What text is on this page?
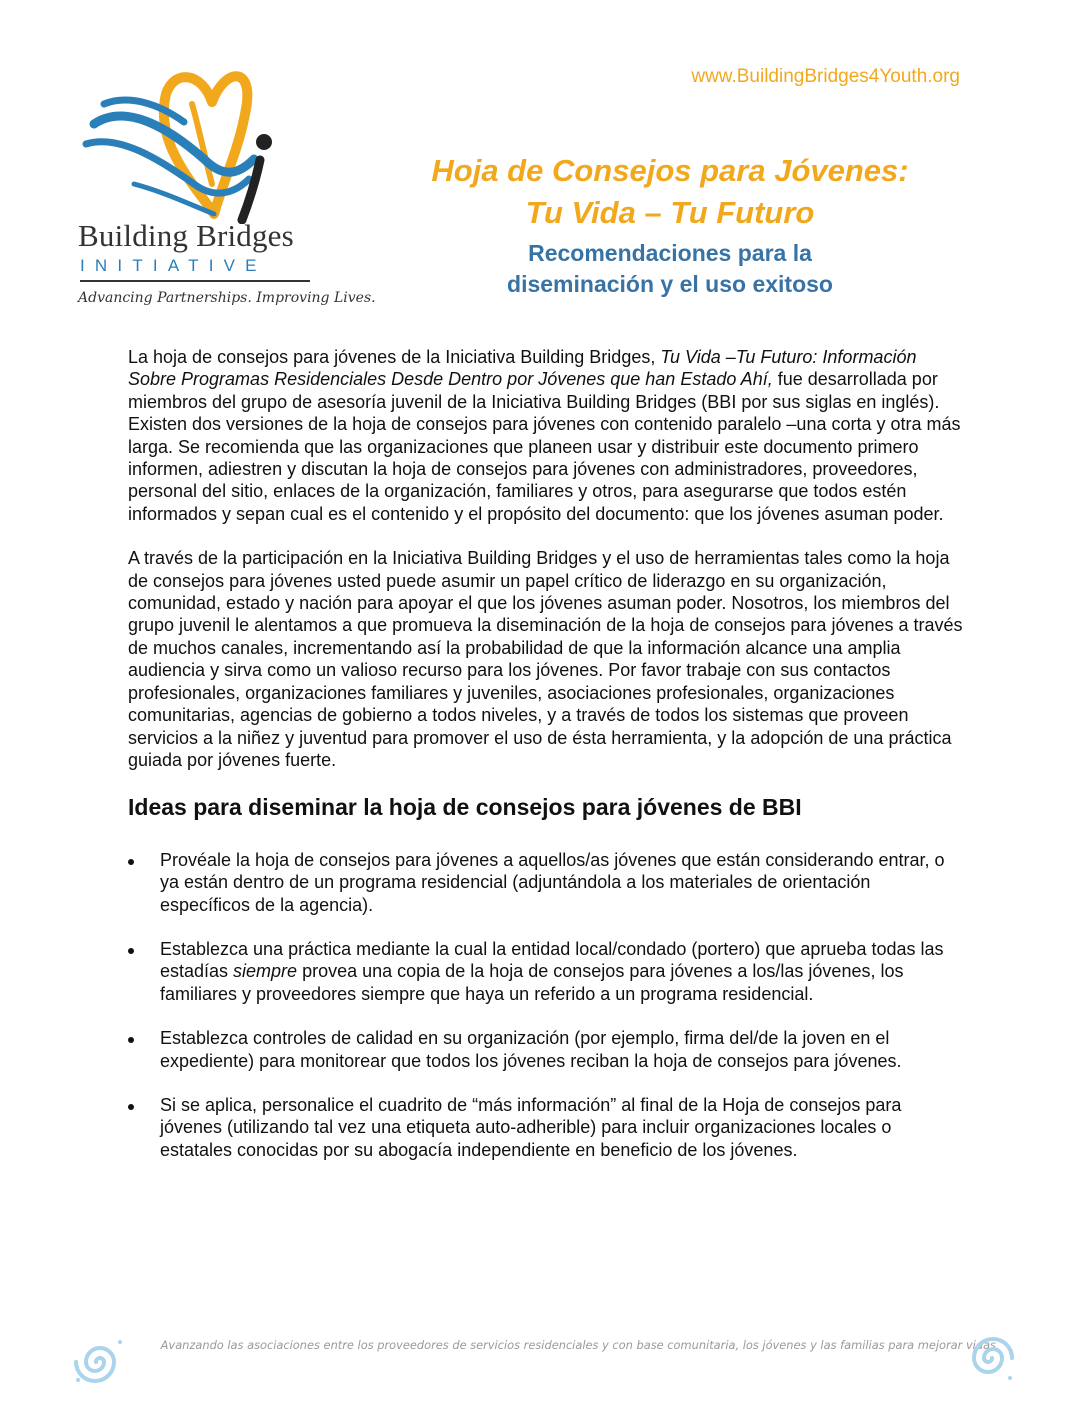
www.BuildingBridges4Youth.org
Building Bridges
INITIATIVE
Advancing Partnerships. Improving Lives.
Hoja de Consejos para Jóvenes:
Tu Vida – Tu Futuro
Recomendaciones para la
diseminación y el uso exitoso

La hoja de consejos para jóvenes de la Iniciativa Building Bridges, Tu Vida –Tu Futuro: Información Sobre Programas Residenciales Desde Dentro por Jóvenes que han Estado Ahí, fue desarrollada por miembros del grupo de asesoría juvenil de la Iniciativa Building Bridges (BBI por sus siglas en inglés). Existen dos versiones de la hoja de consejos para jóvenes con contenido paralelo –una corta y otra más larga. Se recomienda que las organizaciones que planeen usar y distribuir este documento primero informen, adiestren y discutan la hoja de consejos para jóvenes con administradores, proveedores, personal del sitio, enlaces de la organización, familiares y otros, para asegurarse que todos estén informados y sepan cual es el contenido y el propósito del documento: que los jóvenes asuman poder.

A través de la participación en la Iniciativa Building Bridges y el uso de herramientas tales como la hoja de consejos para jóvenes usted puede asumir un papel crítico de liderazgo en su organización, comunidad, estado y nación para apoyar el que los jóvenes asuman poder. Nosotros, los miembros del grupo juvenil le alentamos a que promueva la diseminación de la hoja de consejos para jóvenes a través de muchos canales, incrementando así la probabilidad de que la información alcance una amplia audiencia y sirva como un valioso recurso para los jóvenes. Por favor trabaje con sus contactos profesionales, organizaciones familiares y juveniles, asociaciones profesionales, organizaciones comunitarias, agencias de gobierno a todos niveles, y a través de todos los sistemas que proveen servicios a la niñez y juventud para promover el uso de ésta herramienta, y la adopción de una práctica guiada por jóvenes fuerte.

Ideas para diseminar la hoja de consejos para jóvenes de BBI
Provéale la hoja de consejos para jóvenes a aquellos/as jóvenes que están considerando entrar, o ya están dentro de un programa residencial (adjuntándola a los materiales de orientación específicos de la agencia).
Establezca una práctica mediante la cual la entidad local/condado (portero) que aprueba todas las estadías siempre provea una copia de la hoja de consejos para jóvenes a los/las jóvenes, los familiares y proveedores siempre que haya un referido a un programa residencial.
Establezca controles de calidad en su organización (por ejemplo, firma del/de la joven en el expediente) para monitorear que todos los jóvenes reciban la hoja de consejos para jóvenes.
Si se aplica, personalice el cuadrito de “más información” al final de la Hoja de consejos para jóvenes (utilizando tal vez una etiqueta auto-adherible) para incluir organizaciones locales o estatales conocidas por su abogacía independiente en beneficio de los jóvenes.
Avanzando las asociaciones entre los proveedores de servicios residenciales y con base comunitaria, los jóvenes y las familias para mejorar vidas
